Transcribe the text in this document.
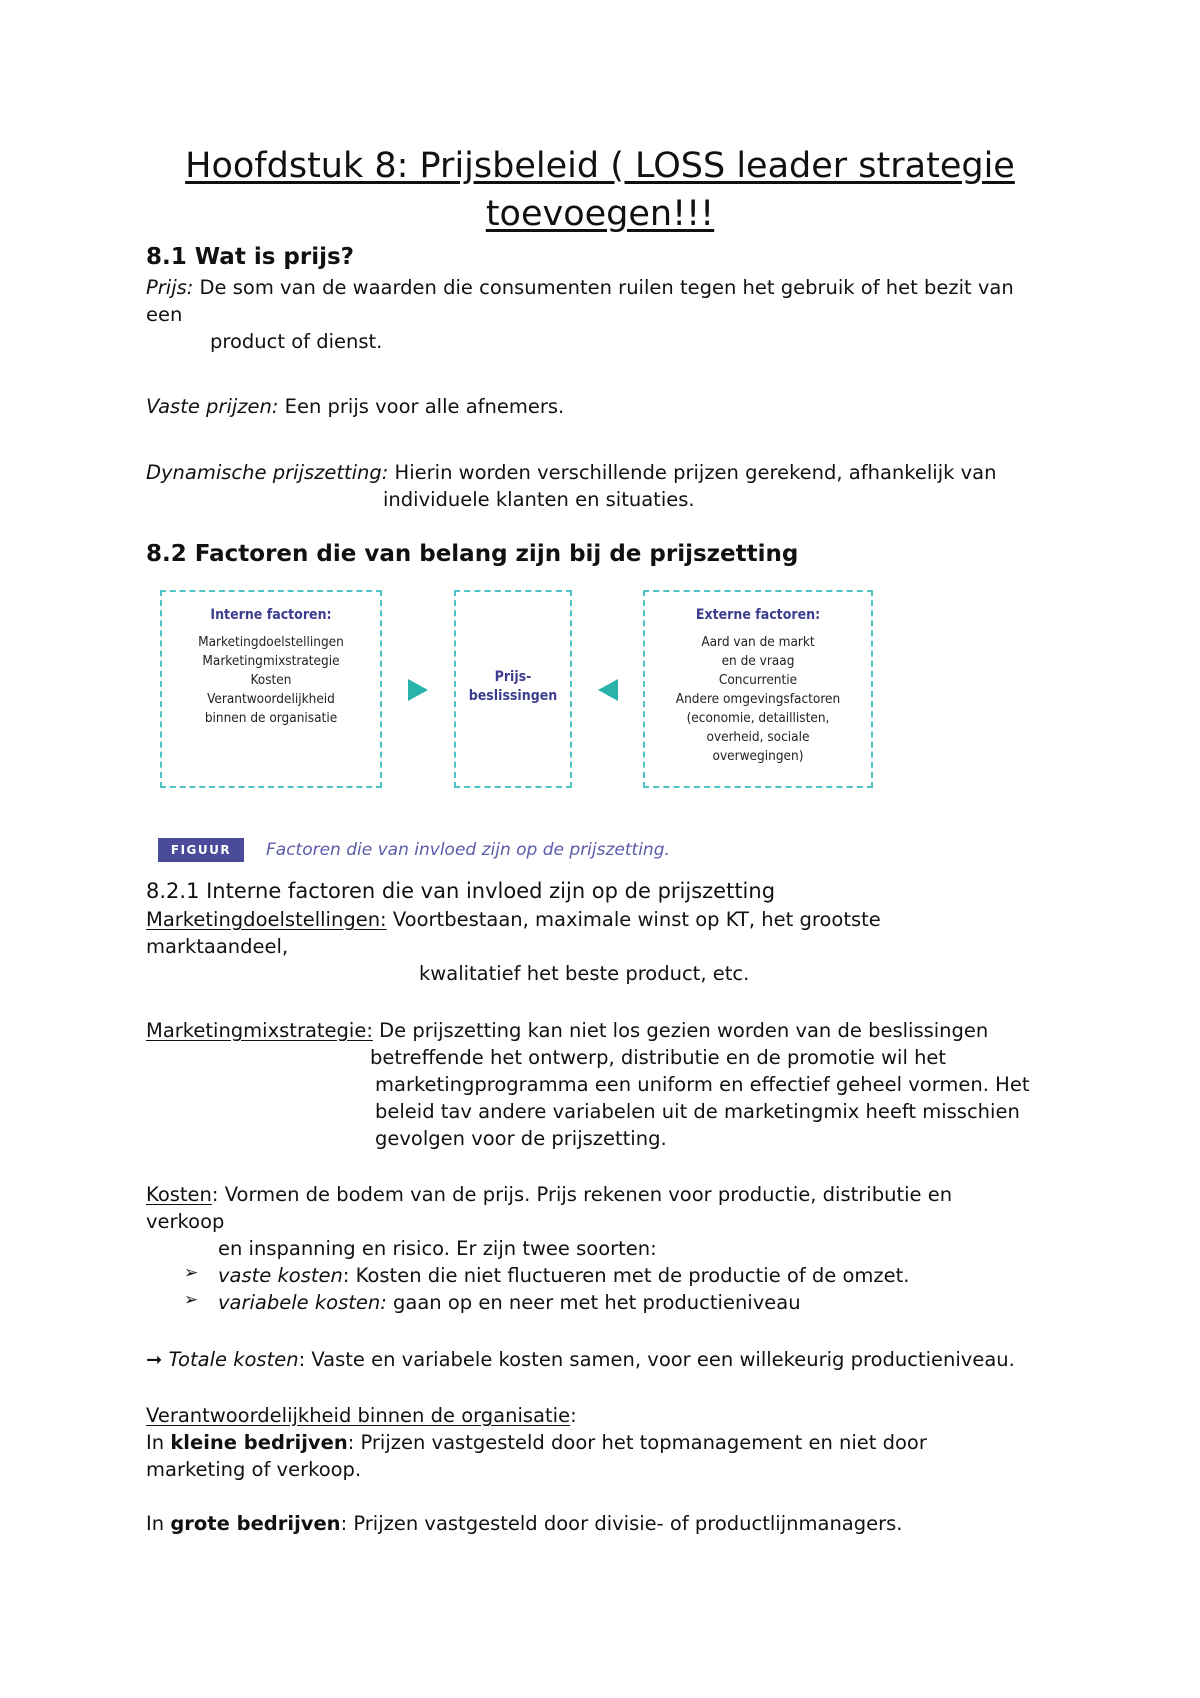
Hoofdstuk 8: Prijsbeleid ( LOSS leader strategie
toevoegen!!!
8.1 Wat is prijs?
Prijs: De som van de waarden die consumenten ruilen tegen het gebruik of het bezit van
een
product of dienst.
Vaste prijzen: Een prijs voor alle afnemers.
Dynamische prijszetting: Hierin worden verschillende prijzen gerekend, afhankelijk van
individuele klanten en situaties.
8.2 Factoren die van belang zijn bij de prijszetting
Interne factoren:
Marketingdoelstellingen
Marketingmixstrategie
Kosten
Verantwoordelijkheid
binnen de organisatie
Prijs-
beslissingen
Externe factoren:
Aard van de markt
en de vraag
Concurrentie
Andere omgevingsfactoren
(economie, detaillisten,
overheid, sociale
overwegingen)
FIGUUR 8.1
Factoren die van invloed zijn op de prijszetting.
8.2.1 Interne factoren die van invloed zijn op de prijszetting
Marketingdoelstellingen: Voortbestaan, maximale winst op KT, het grootste
marktaandeel,
kwalitatief het beste product, etc.
Marketingmixstrategie: De prijszetting kan niet los gezien worden van de beslissingen
betreffende het ontwerp, distributie en de promotie wil het
marketingprogramma een uniform en effectief geheel vormen. Het
beleid tav andere variabelen uit de marketingmix heeft misschien
gevolgen voor de prijszetting.
Kosten: Vormen de bodem van de prijs. Prijs rekenen voor productie, distributie en
verkoop
en inspanning en risico. Er zijn twee soorten:
➢ vaste kosten: Kosten die niet fluctueren met de productie of de omzet.
➢ variabele kosten: gaan op en neer met het productieniveau
➞ Totale kosten: Vaste en variabele kosten samen, voor een willekeurig productieniveau.
Verantwoordelijkheid binnen de organisatie:
In kleine bedrijven: Prijzen vastgesteld door het topmanagement en niet door
marketing of verkoop.
In grote bedrijven: Prijzen vastgesteld door divisie- of productlijnmanagers.
